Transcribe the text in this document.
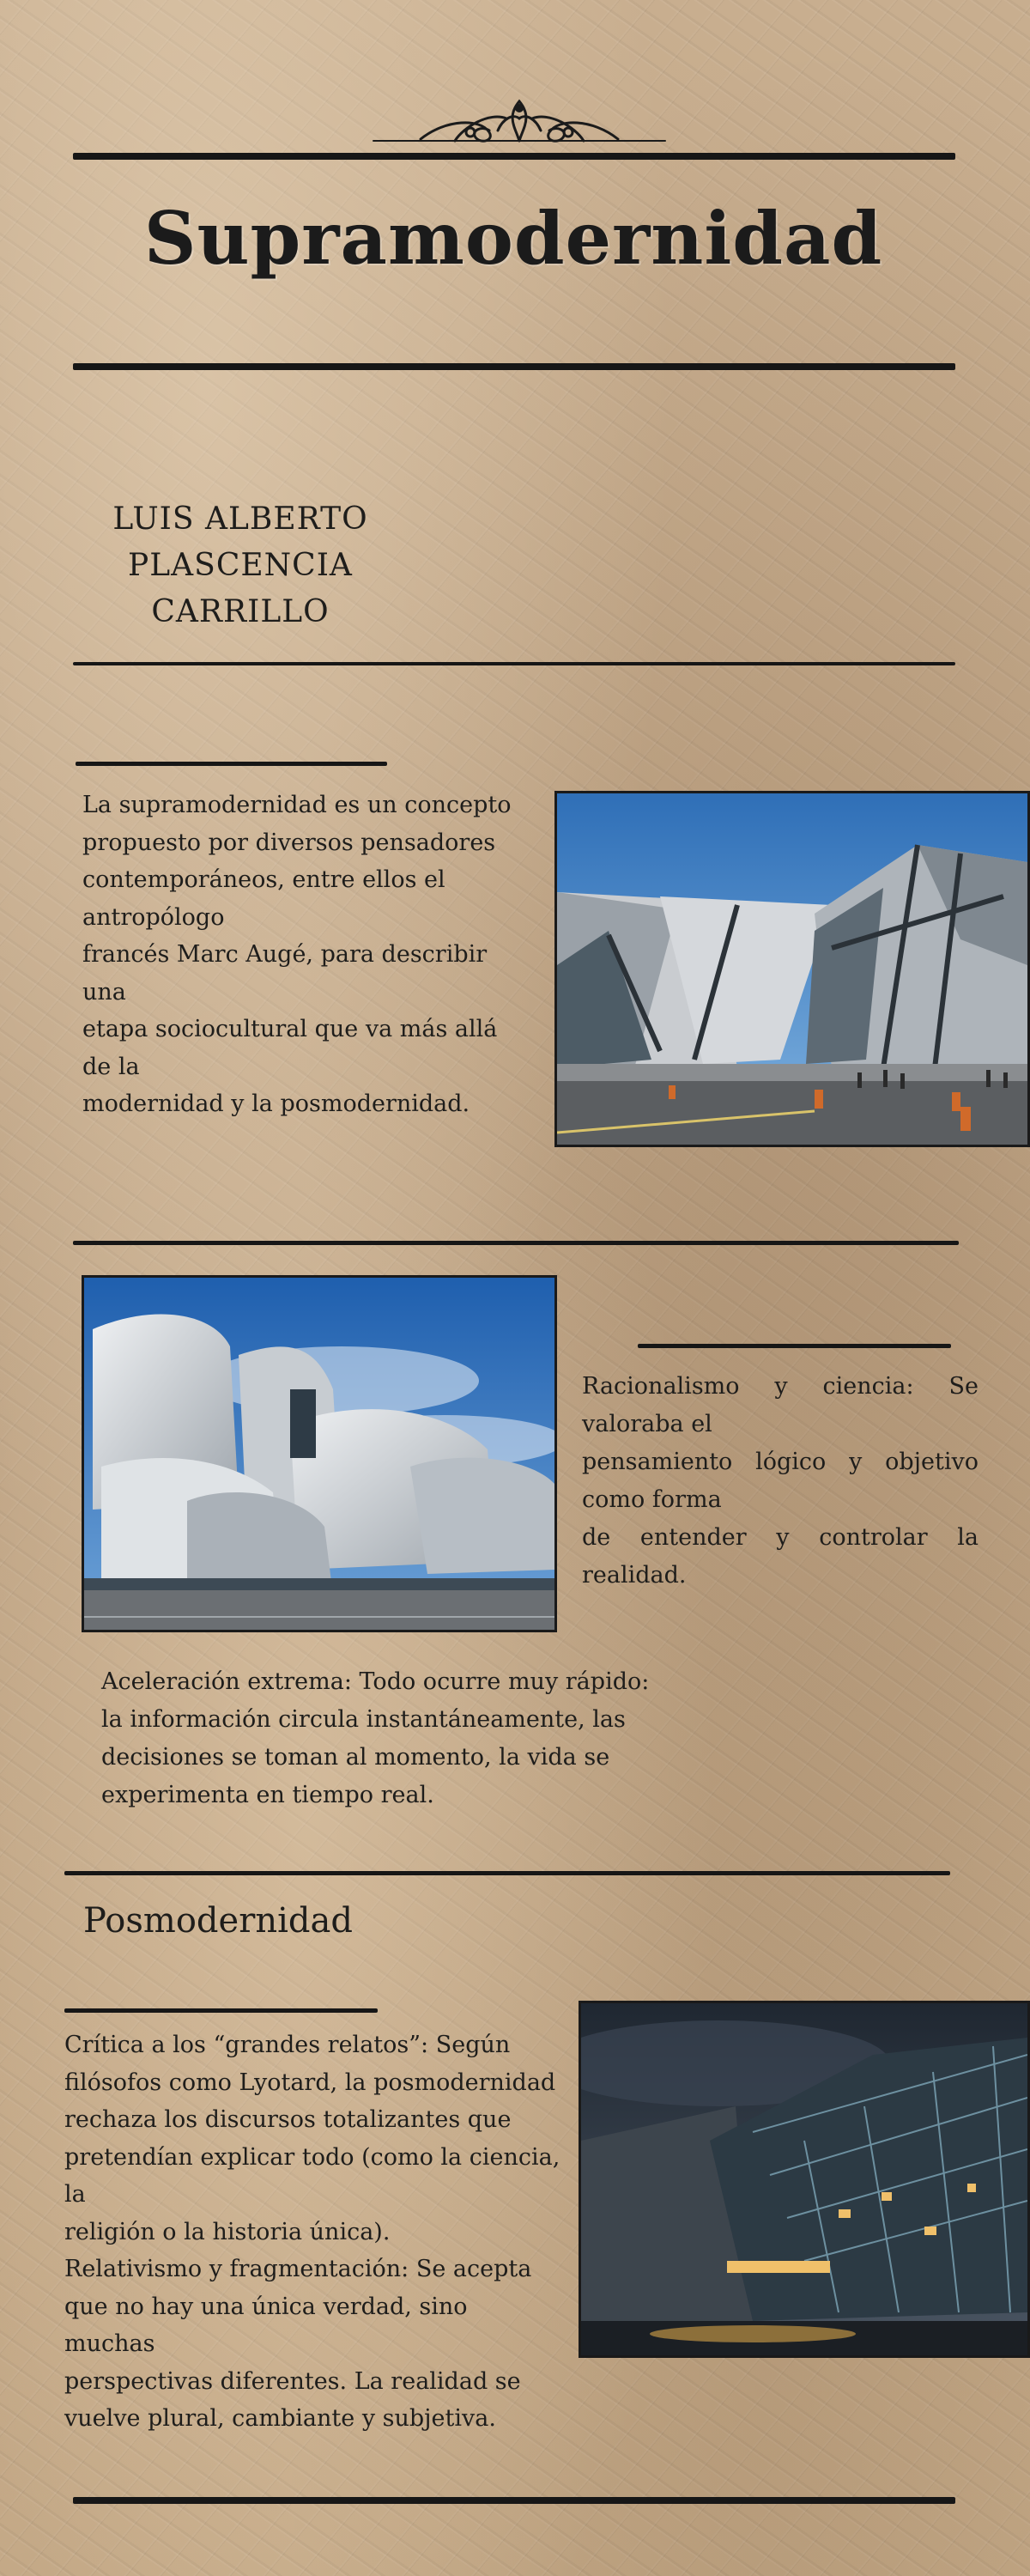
Supramodernidad
LUIS ALBERTO
PLASCENCIA
CARRILLO
La supramodernidad es un concepto
propuesto por diversos pensadores
contemporáneos, entre ellos el
antropólogo
francés Marc Augé, para describir
una
etapa sociocultural que va más allá
de la
modernidad y la posmodernidad.
Racionalismo y ciencia: Se valoraba el
pensamiento lógico y objetivo como forma
de entender y controlar la realidad.
Aceleración extrema: Todo ocurre muy rápido:
la información circula instantáneamente, las
decisiones se toman al momento, la vida se
experimenta en tiempo real.
Posmodernidad
Crítica a los “grandes relatos”: Según
filósofos como Lyotard, la posmodernidad
rechaza los discursos totalizantes que
pretendían explicar todo (como la ciencia,
la
religión o la historia única).
Relativismo y fragmentación: Se acepta
que no hay una única verdad, sino
muchas
perspectivas diferentes. La realidad se
vuelve plural, cambiante y subjetiva.
